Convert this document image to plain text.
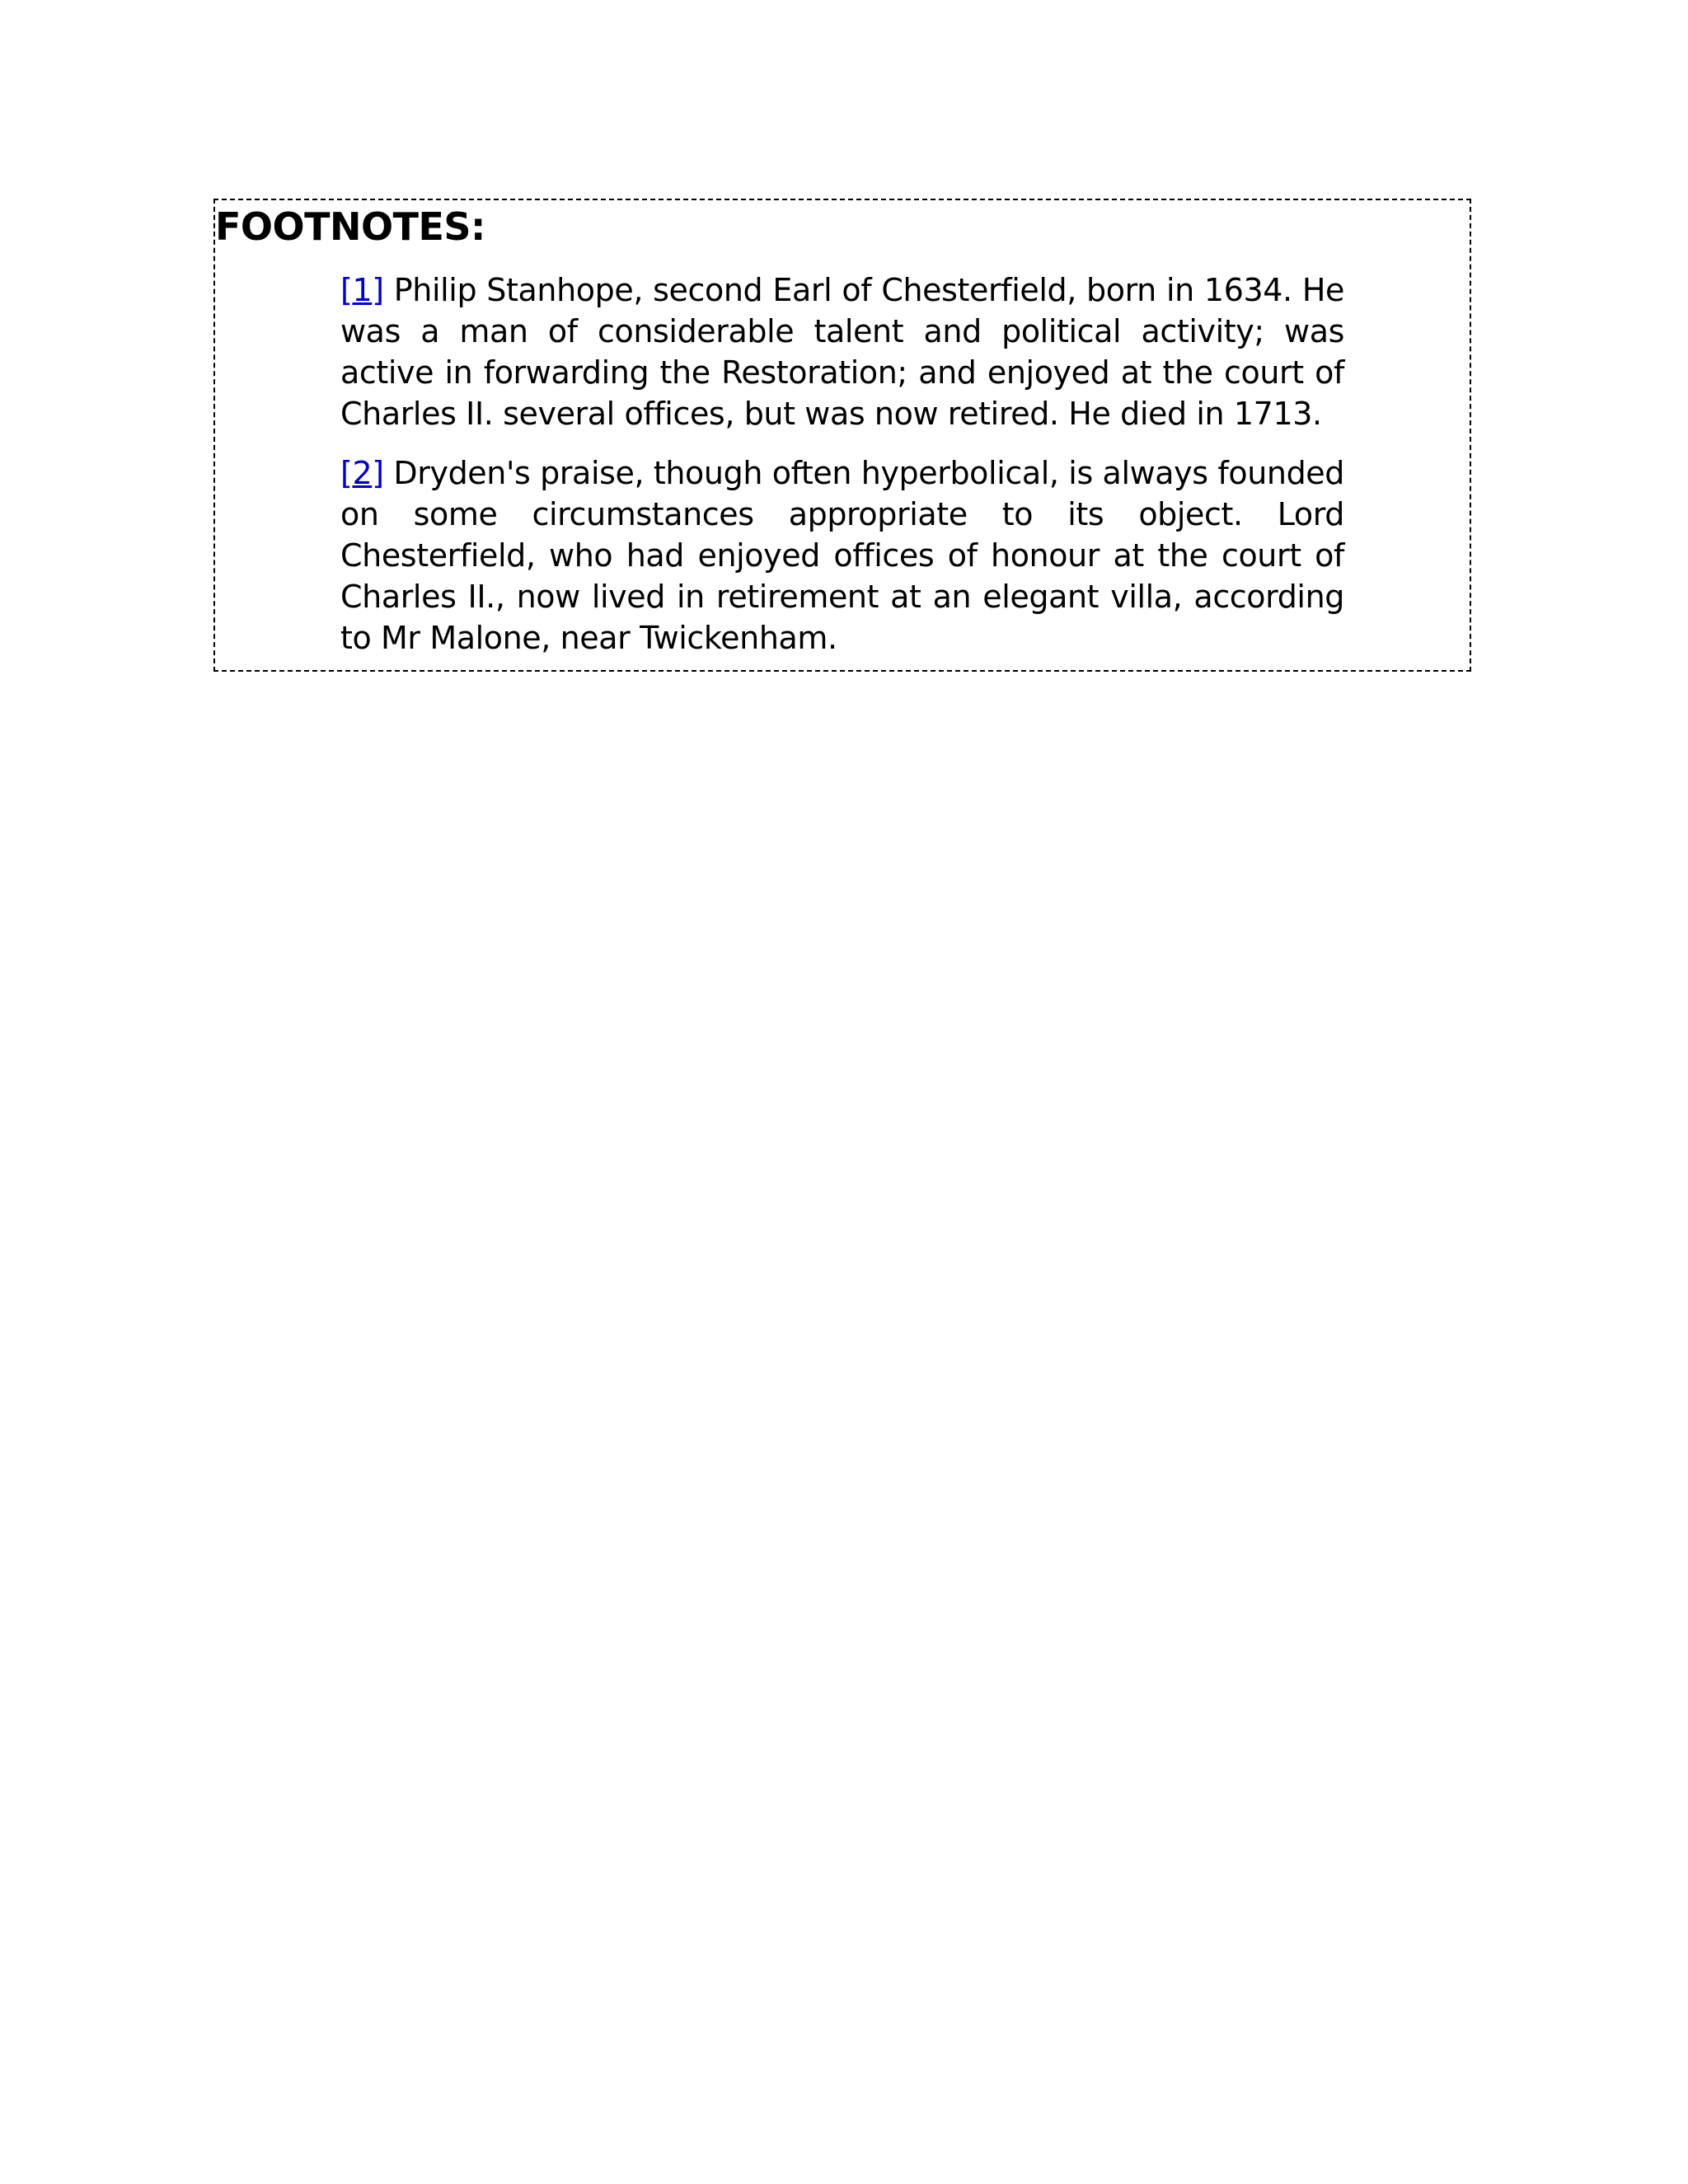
FOOTNOTES:

[1] Philip Stanhope, second Earl of Chesterfield, born in 1634. He was a man of considerable talent and political activity; was active in forwarding the Restoration; and enjoyed at the court of Charles II. several offices, but was now retired. He died in 1713.

[2] Dryden's praise, though often hyperbolical, is always founded on some circumstances appropriate to its object. Lord Chesterfield, who had enjoyed offices of honour at the court of Charles II., now lived in retirement at an elegant villa, according to Mr Malone, near Twickenham.
